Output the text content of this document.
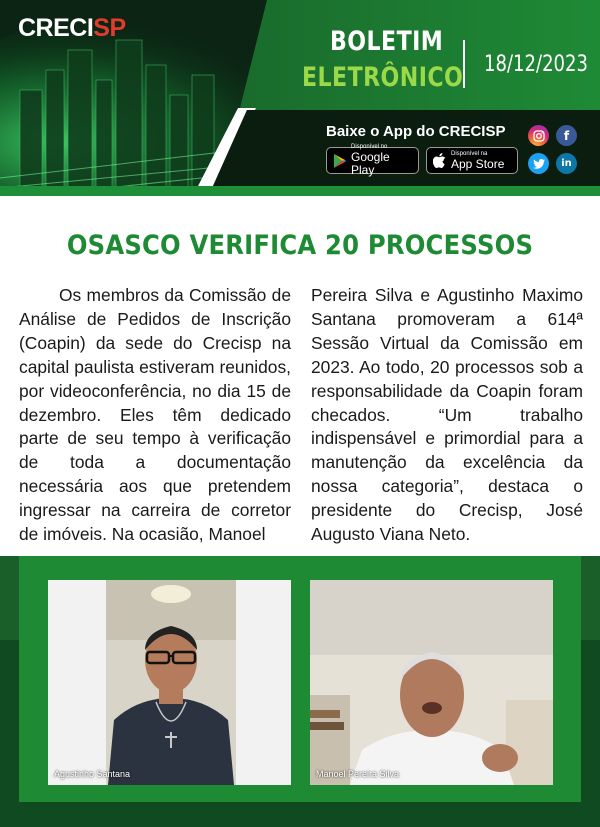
CRECISP	BOLETIM
ELETRÔNICO 18/12/2023
Baixe o App do CRECISP
Disponível no
Google Play
Disponível na
App Store
f
in
OSASCO VERIFICA 20 PROCESSOS

Os membros da Comissão de Análise de Pedidos de Inscrição (Coapin) da sede do Crecisp na capital paulista estiveram reunidos, por videoconferência, no dia 15 de dezembro. Eles têm dedicado parte de seu tempo à verificação de toda a documentação necessária aos que pretendem ingressar na carreira de corretor de imóveis. Na ocasião, Manoel

Pereira Silva e Agustinho Maximo Santana promoveram a 614ª Sessão Virtual da Comissão em 2023. Ao todo, 20 processos sob a responsabilidade da Coapin foram checados. “Um trabalho indispensável e primordial para a manutenção da excelência da nossa categoria”, destaca o presidente do Crecisp, José Augusto Viana Neto.

Agustinho Santana	Manoel Pereira Silva
